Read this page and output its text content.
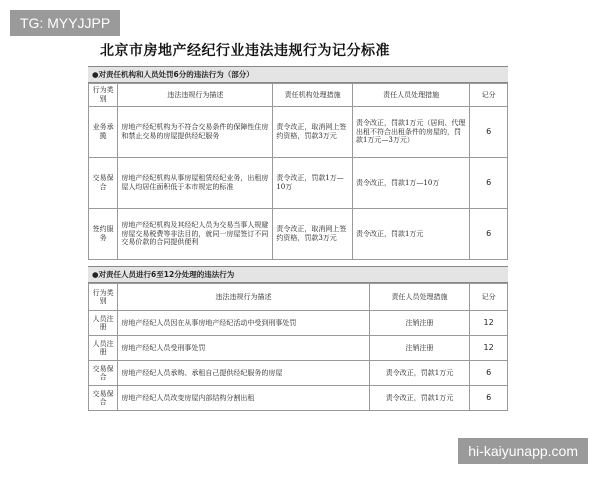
TG: MYYJJPP
北京市房地产经纪行业违法违规行为记分标准
●对责任机构和人员处罚6分的违法行为（部分）
行为类别	违法违规行为描述	责任机构处理措施	责任人员处理措施	记分
业务承揽	房地产经纪机构为不符合交易条件的保障性住房和禁止交易的房屋提供经纪服务	责令改正，取消网上签约资格，罚款3万元	责令改正，罚款1万元（居间、代理出租不符合出租条件的房屋的，罚款1万元—3万元）	6
交易保合	房地产经纪机构从事房屋租赁经纪业务，出租房屋人均居住面积低于本市规定的标准	责令改正，罚款1万—10万	责令改正，罚款1万—10万	6
签约服务	房地产经纪机构及其经纪人员为交易当事人规避房屋交易税费等非法目的，就同一房屋签订不同交易价款的合同提供便利	责令改正，取消网上签约资格，罚款3万元	责令改正，罚款1万元	6
●对责任人员进行6至12分处理的违法行为
行为类别	违法违规行为描述	责任人员处理措施	记分
人员注册	房地产经纪人员因在从事房地产经纪活动中受到刑事处罚	注销注册	12
人员注册	房地产经纪人员受刑事处罚	注销注册	12
交易保合	房地产经纪人员承购、承租自己提供经纪服务的房屋	责令改正，罚款1万元	6
交易保合	房地产经纪人员改变房屋内部结构分割出租	责令改正，罚款1万元	6
hi-kaiyunapp.com
